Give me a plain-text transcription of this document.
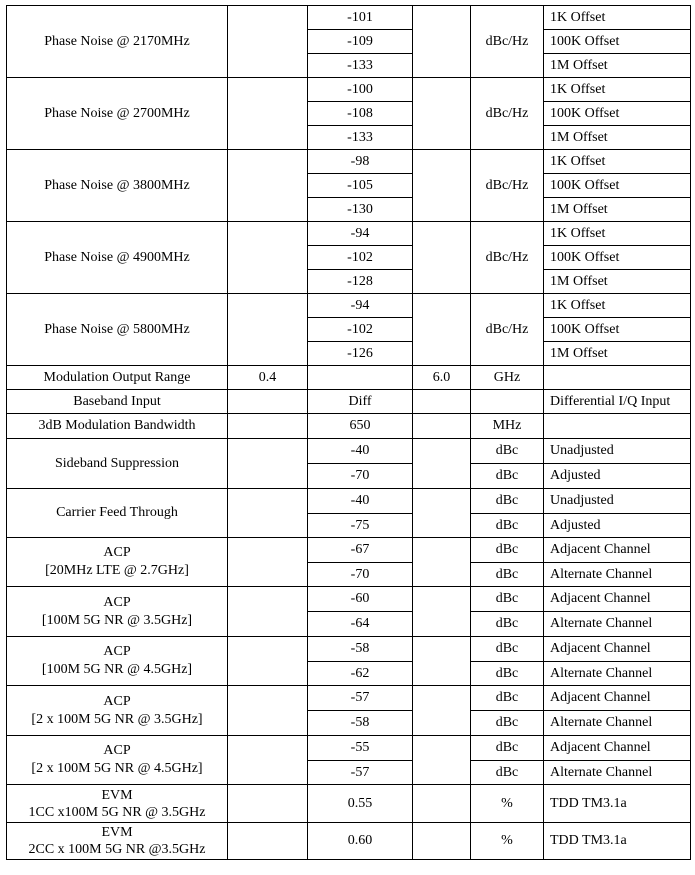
Phase Noise @ 2170MHz		-101		dBc/Hz	1K Offset
		-109			100K Offset
		-133			1M Offset
Phase Noise @ 2700MHz		-100		dBc/Hz	1K Offset
		-108			100K Offset
		-133			1M Offset
Phase Noise @ 3800MHz		-98		dBc/Hz	1K Offset
		-105			100K Offset
		-130			1M Offset
Phase Noise @ 4900MHz		-94		dBc/Hz	1K Offset
		-102			100K Offset
		-128			1M Offset
Phase Noise @ 5800MHz		-94		dBc/Hz	1K Offset
		-102			100K Offset
		-126			1M Offset
Modulation Output Range	0.4		6.0	GHz	
Baseband Input		Diff			Differential I/Q Input
3dB Modulation Bandwidth		650		MHz	
Sideband Suppression		-40		dBc	Unadjusted
		-70		dBc	Adjusted
Carrier Feed Through		-40		dBc	Unadjusted
		-75		dBc	Adjusted
ACP
[20MHz LTE @ 2.7GHz]		-67		dBc	Adjacent Channel
		-70		dBc	Alternate Channel
ACP
[100M 5G NR @ 3.5GHz]		-60		dBc	Adjacent Channel
		-64		dBc	Alternate Channel
ACP
[100M 5G NR @ 4.5GHz]		-58		dBc	Adjacent Channel
		-62		dBc	Alternate Channel
ACP
[2 x 100M 5G NR @ 3.5GHz]		-57		dBc	Adjacent Channel
		-58		dBc	Alternate Channel
ACP
[2 x 100M 5G NR @ 4.5GHz]		-55		dBc	Adjacent Channel
		-57		dBc	Alternate Channel
EVM
1CC x100M 5G NR @ 3.5GHz		0.55		%	TDD TM3.1a
EVM
2CC x 100M 5G NR @3.5GHz		0.60		%	TDD TM3.1a
